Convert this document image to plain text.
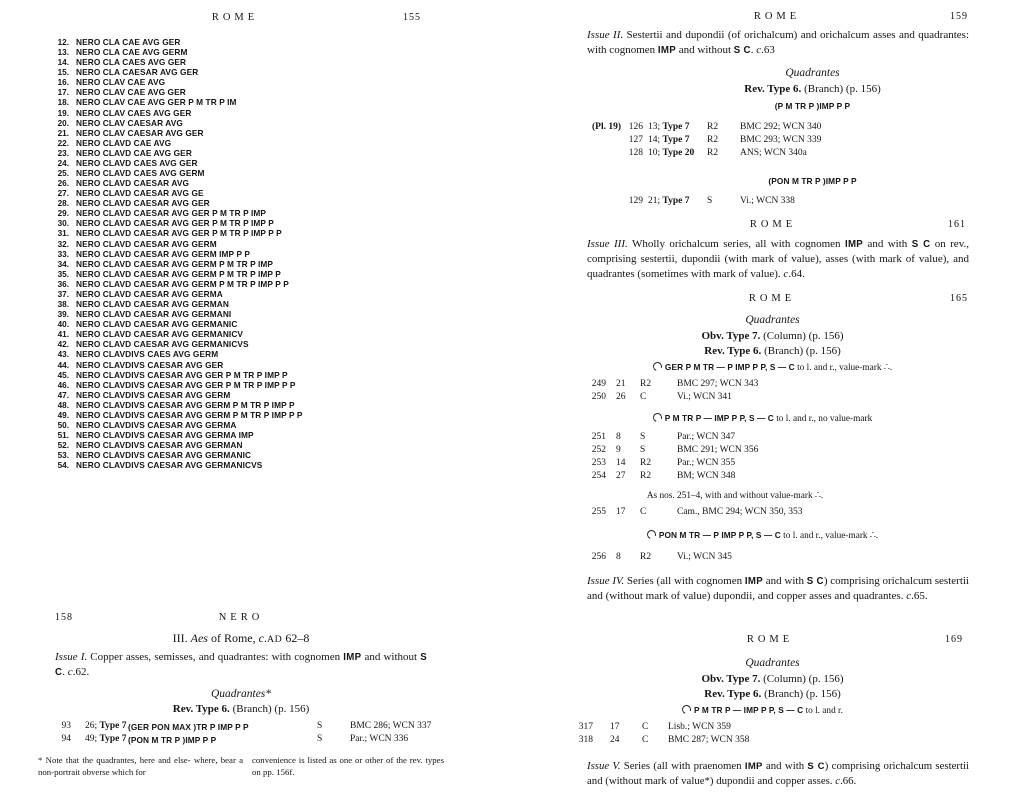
ROME	155
12. NERO CLA CAE AVG GER
13. NERO CLA CAE AVG GERM
14. NERO CLA CAES AVG GER
15. NERO CLA CAESAR AVG GER
16. NERO CLAV CAE AVG
17. NERO CLAV CAE AVG GER
18. NERO CLAV CAE AVG GER P M TR P IM
19. NERO CLAV CAES AVG GER
20. NERO CLAV CAESAR AVG
21. NERO CLAV CAESAR AVG GER
22. NERO CLAVD CAE AVG
23. NERO CLAVD CAE AVG GER
24. NERO CLAVD CAES AVG GER
25. NERO CLAVD CAES AVG GERM
26. NERO CLAVD CAESAR AVG
27. NERO CLAVD CAESAR AVG GE
28. NERO CLAVD CAESAR AVG GER
29. NERO CLAVD CAESAR AVG GER P M TR P IMP
30. NERO CLAVD CAESAR AVG GER P M TR P IMP P
31. NERO CLAVD CAESAR AVG GER P M TR P IMP P P
32. NERO CLAVD CAESAR AVG GERM
33. NERO CLAVD CAESAR AVG GERM IMP P P
34. NERO CLAVD CAESAR AVG GERM P M TR P IMP
35. NERO CLAVD CAESAR AVG GERM P M TR P IMP P
36. NERO CLAVD CAESAR AVG GERM P M TR P IMP P P
37. NERO CLAVD CAESAR AVG GERMA
38. NERO CLAVD CAESAR AVG GERMAN
39. NERO CLAVD CAESAR AVG GERMANI
40. NERO CLAVD CAESAR AVG GERMANIC
41. NERO CLAVD CAESAR AVG GERMANICV
42. NERO CLAVD CAESAR AVG GERMANICVS
43. NERO CLAVDIVS CAES AVG GERM
44. NERO CLAVDIVS CAESAR AVG GER
45. NERO CLAVDIVS CAESAR AVG GER P M TR P IMP P
46. NERO CLAVDIVS CAESAR AVG GER P M TR P IMP P P
47. NERO CLAVDIVS CAESAR AVG GERM
48. NERO CLAVDIVS CAESAR AVG GERM P M TR P IMP P
49. NERO CLAVDIVS CAESAR AVG GERM P M TR P IMP P P
50. NERO CLAVDIVS CAESAR AVG GERMA
51. NERO CLAVDIVS CAESAR AVG GERMA IMP
52. NERO CLAVDIVS CAESAR AVG GERMAN
53. NERO CLAVDIVS CAESAR AVG GERMANIC
54. NERO CLAVDIVS CAESAR AVG GERMANICVS
158	NERO
III. Aes of Rome, c.AD 62–8
Issue I. Copper asses, semisses, and quadrantes: with cognomen IMP and without S C. c.62.
Quadrantes*
Rev. Type 6. (Branch) (p. 156)
93 26; Type 7 (GER PON MAX )TR P IMP P P	S	BMC 286; WCN 337
94 49; Type 7 (PON M TR P )IMP P P	S	Par.; WCN 336
* Note that the quadrantes, here and else- where, bear a non-portrait obverse which for
convenience is listed as one or other of the rev. types on pp. 156f.
ROME	159
Issue II. Sestertii and dupondii (of orichalcum) and orichalcum asses and quadrantes: with cognomen IMP and without S C. c.63
Quadrantes
Rev. Type 6. (Branch) (p. 156)
(P M TR P )IMP P P
(Pl. 19) 126 13; Type 7 R2 BMC 292; WCN 340
127 14; Type 7 R2 BMC 293; WCN 339
128 10; Type 20 R2 ANS; WCN 340a
(PON M TR P )IMP P P
129 21; Type 7 S	Vi.; WCN 338
ROME	161
Issue III. Wholly orichalcum series, all with cognomen IMP and with S C on rev., comprising sestertii, dupondii (with mark of value), asses (with mark of value), and quadrantes (sometimes with mark of value). c.64.
ROME	165
Quadrantes
Obv. Type 7. (Column) (p. 156)
Rev. Type 6. (Branch) (p. 156)
GER P M TR — P IMP P P, S — C to l. and r., value-mark ∴.
249 21 R2	BMC 297; WCN 343
250 26 C	Vi.; WCN 341
P M TR P — IMP P P, S — C to l. and r., no value-mark
251 8 S	Par.; WCN 347
252 9 S	BMC 291; WCN 356
253 14 R2	Par.; WCN 355
254 27 R2	BM; WCN 348
As nos. 251–4, with and without value-mark ∴.
255 17 C	Cam., BMC 294; WCN 350, 353
PON M TR — P IMP P P, S — C to l. and r., value-mark ∴.
256 8 R2	Vi.; WCN 345
Issue IV. Series (all with cognomen IMP and with S C) comprising orichalcum sestertii and (without mark of value) dupondii, and copper asses and quadrantes. c.65.
ROME	169
Quadrantes
Obv. Type 7. (Column) (p. 156)
Rev. Type 6. (Branch) (p. 156)
P M TR P — IMP P P, S — C to l. and r.
317 17 C Lisb.; WCN 359
318 24 C BMC 287; WCN 358
Issue V. Series (all with praenomen IMP and with S C) comprising orichalcum sestertii and (without mark of value*) dupondii and copper asses. c.66.
